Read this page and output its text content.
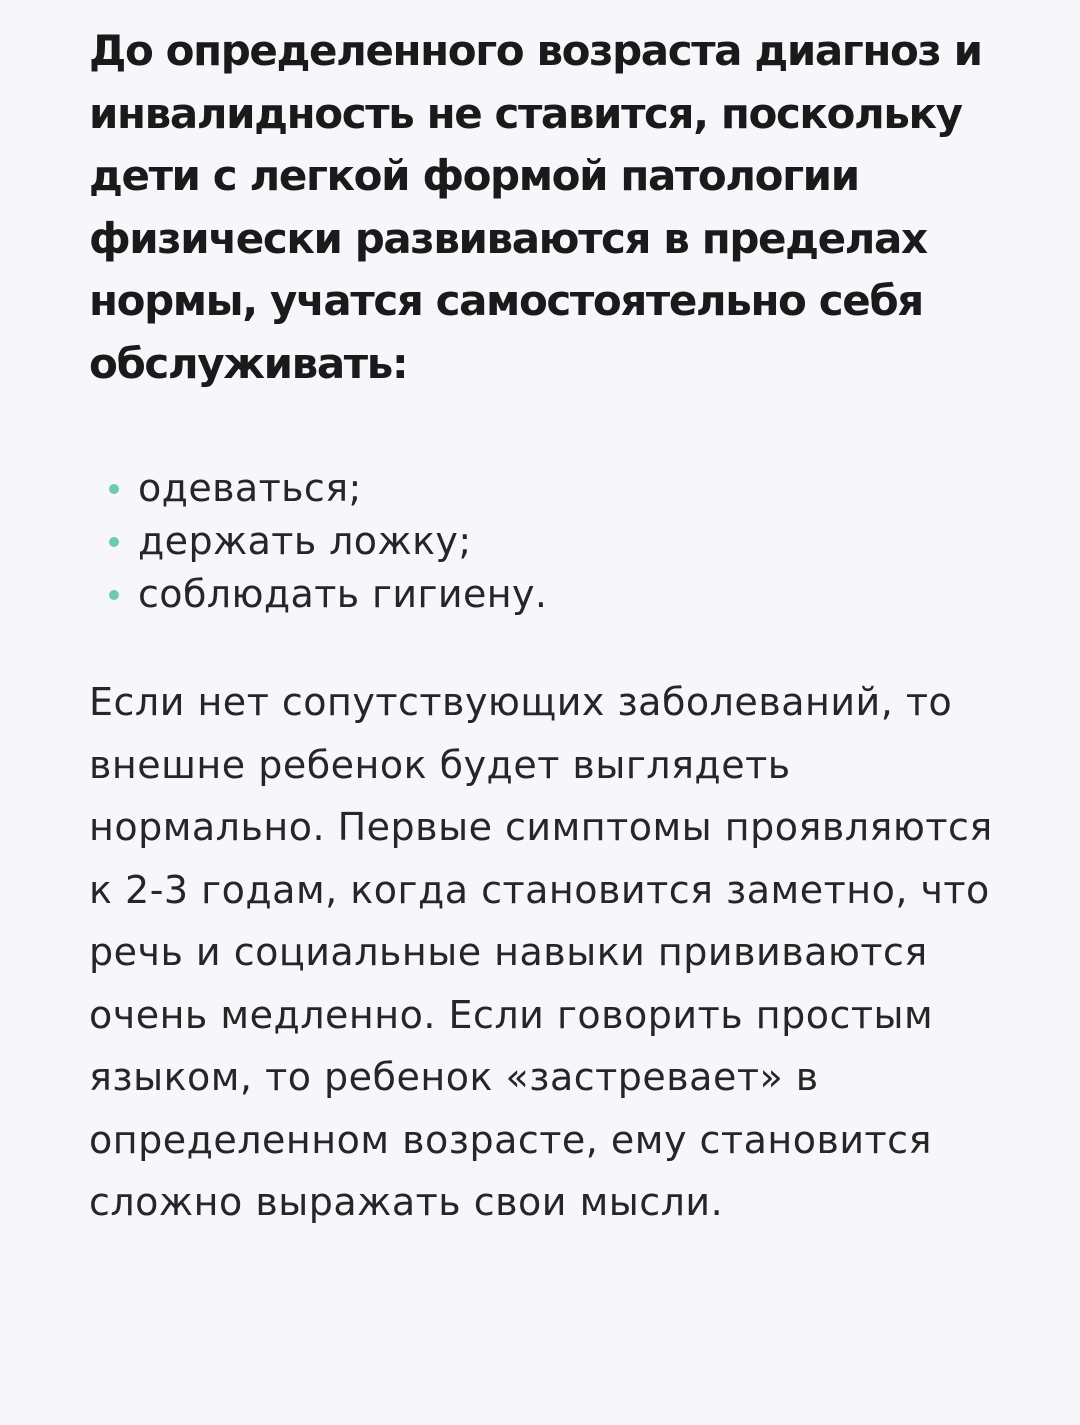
До определенного возраста диагноз и инвалидность не ставится, поскольку дети с легкой формой патологии физически развиваются в пределах нормы, учатся самостоятельно себя обслуживать:

одеваться;
держать ложку;
соблюдать гигиену.

Если нет сопутствующих заболеваний, то внешне ребенок будет выглядеть нормально. Первые симптомы проявляются к 2-3 годам, когда становится заметно, что речь и социальные навыки прививаются очень медленно. Если говорить простым языком, то ребенок «застревает» в определенном возрасте, ему становится сложно выражать свои мысли.
